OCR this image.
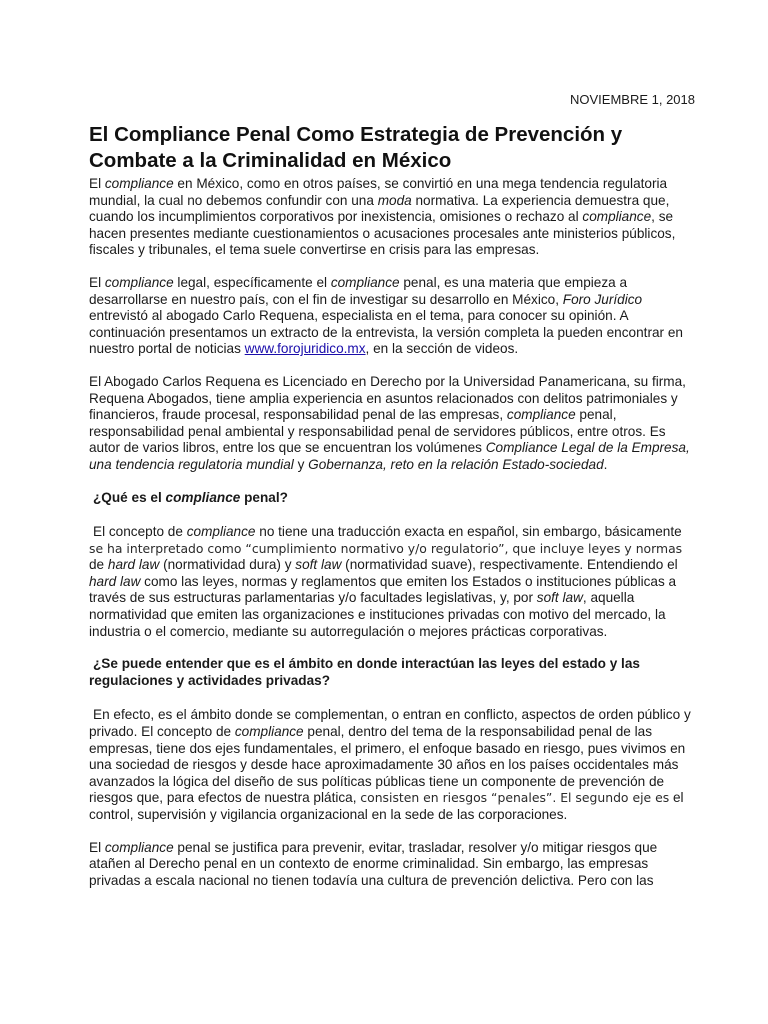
NOVIEMBRE 1, 2018
El Compliance Penal Como Estrategia de Prevención y Combate a la Criminalidad en México

El compliance en México, como en otros países, se convirtió en una mega tendencia regulatoria mundial, la cual no debemos confundir con una moda normativa. La experiencia demuestra que, cuando los incumplimientos corporativos por inexistencia, omisiones o rechazo al compliance, se hacen presentes mediante cuestionamientos o acusaciones procesales ante ministerios públicos, fiscales y tribunales, el tema suele convertirse en crisis para las empresas.

El compliance legal, específicamente el compliance penal, es una materia que empieza a desarrollarse en nuestro país, con el fin de investigar su desarrollo en México, Foro Jurídico entrevistó al abogado Carlo Requena, especialista en el tema, para conocer su opinión. A continuación presentamos un extracto de la entrevista, la versión completa la pueden encontrar en nuestro portal de noticias www.forojuridico.mx, en la sección de videos.

El Abogado Carlos Requena es Licenciado en Derecho por la Universidad Panamericana, su firma, Requena Abogados, tiene amplia experiencia en asuntos relacionados con delitos patrimoniales y financieros, fraude procesal, responsabilidad penal de las empresas, compliance penal, responsabilidad penal ambiental y responsabilidad penal de servidores públicos, entre otros. Es autor de varios libros, entre los que se encuentran los volúmenes Compliance Legal de la Empresa, una tendencia regulatoria mundial y Gobernanza, reto en la relación Estado-sociedad.

¿Qué es el compliance penal?

El concepto de compliance no tiene una traducción exacta en español, sin embargo, básicamente se ha interpretado como “cumplimiento normativo y/o regulatorio”, que incluye leyes y normas de hard law (normatividad dura) y soft law (normatividad suave), respectivamente. Entendiendo el hard law como las leyes, normas y reglamentos que emiten los Estados o instituciones públicas a través de sus estructuras parlamentarias y/o facultades legislativas, y, por soft law, aquella normatividad que emiten las organizaciones e instituciones privadas con motivo del mercado, la industria o el comercio, mediante su autorregulación o mejores prácticas corporativas.

¿Se puede entender que es el ámbito en donde interactúan las leyes del estado y las regulaciones y actividades privadas?

En efecto, es el ámbito donde se complementan, o entran en conflicto, aspectos de orden público y privado. El concepto de compliance penal, dentro del tema de la responsabilidad penal de las empresas, tiene dos ejes fundamentales, el primero, el enfoque basado en riesgo, pues vivimos en una sociedad de riesgos y desde hace aproximadamente 30 años en los países occidentales más avanzados la lógica del diseño de sus políticas públicas tiene un componente de prevención de riesgos que, para efectos de nuestra plática, consisten en riesgos “penales”. El segundo eje es el control, supervisión y vigilancia organizacional en la sede de las corporaciones.

El compliance penal se justifica para prevenir, evitar, trasladar, resolver y/o mitigar riesgos que atañen al Derecho penal en un contexto de enorme criminalidad. Sin embargo, las empresas privadas a escala nacional no tienen todavía una cultura de prevención delictiva. Pero con las
